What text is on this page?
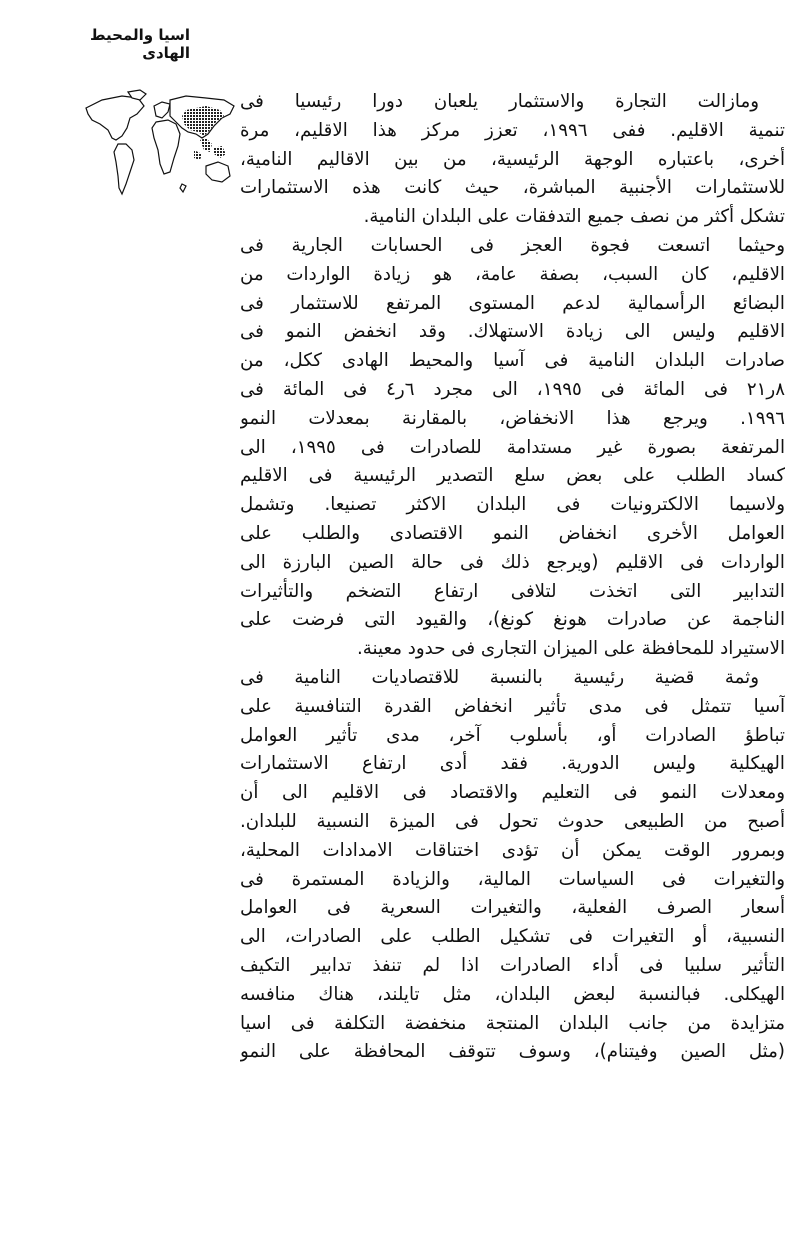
اسيا والمحيط الهادى
ومازالت التجارة والاستثمار يلعبان دورا رئيسيا فى
تنمية الاقليم. ففى ١٩٩٦، تعزز مركز هذا الاقليم، مرة
أخرى، باعتباره الوجهة الرئيسية، من بين الاقاليم النامية،
للاستثمارات الأجنبية المباشرة، حيث كانت هذه الاستثمارات
تشكل أكثر من نصف جميع التدفقات على البلدان النامية.
وحيثما اتسعت فجوة العجز فى الحسابات الجارية فى
الاقليم، كان السبب، بصفة عامة، هو زيادة الواردات من
البضائع الرأسمالية لدعم المستوى المرتفع للاستثمار فى
الاقليم وليس الى زيادة الاستهلاك. وقد انخفض النمو فى
صادرات البلدان النامية فى آسيا والمحيط الهادى ككل، من
٨ر٢١ فى المائة فى ١٩٩٥، الى مجرد ٦ر٤ فى المائة فى
١٩٩٦. ويرجع هذا الانخفاض، بالمقارنة بمعدلات النمو
المرتفعة بصورة غير مستدامة للصادرات فى ١٩٩٥، الى
كساد الطلب على بعض سلع التصدير الرئيسية فى الاقليم
ولاسيما الالكترونيات فى البلدان الاكثر تصنيعا. وتشمل
العوامل الأخرى انخفاض النمو الاقتصادى والطلب على
الواردات فى الاقليم (ويرجع ذلك فى حالة الصين البارزة الى
التدابير التى اتخذت لتلافى ارتفاع التضخم والتأثيرات
الناجمة عن صادرات هونغ كونغ)، والقيود التى فرضت على
الاستيراد للمحافظة على الميزان التجارى فى حدود معينة.
وثمة قضية رئيسية بالنسبة للاقتصاديات النامية فى
آسيا تتمثل فى مدى تأثير انخفاض القدرة التنافسية على
تباطؤ الصادرات أو، بأسلوب آخر، مدى تأثير العوامل
الهيكلية وليس الدورية. فقد أدى ارتفاع الاستثمارات
ومعدلات النمو فى التعليم والاقتصاد فى الاقليم الى أن
أصبح من الطبيعى حدوث تحول فى الميزة النسبية للبلدان.
وبمرور الوقت يمكن أن تؤدى اختناقات الامدادات المحلية،
والتغيرات فى السياسات المالية، والزيادة المستمرة فى
أسعار الصرف الفعلية، والتغيرات السعرية فى العوامل
النسبية، أو التغيرات فى تشكيل الطلب على الصادرات، الى
التأثير سلبيا فى أداء الصادرات اذا لم تنفذ تدابير التكيف
الهيكلى. فبالنسبة لبعض البلدان، مثل تايلند، هناك منافسه
متزايدة من جانب البلدان المنتجة منخفضة التكلفة فى اسيا
(مثل الصين وفيتنام)، وسوف تتوقف المحافظة على النمو
